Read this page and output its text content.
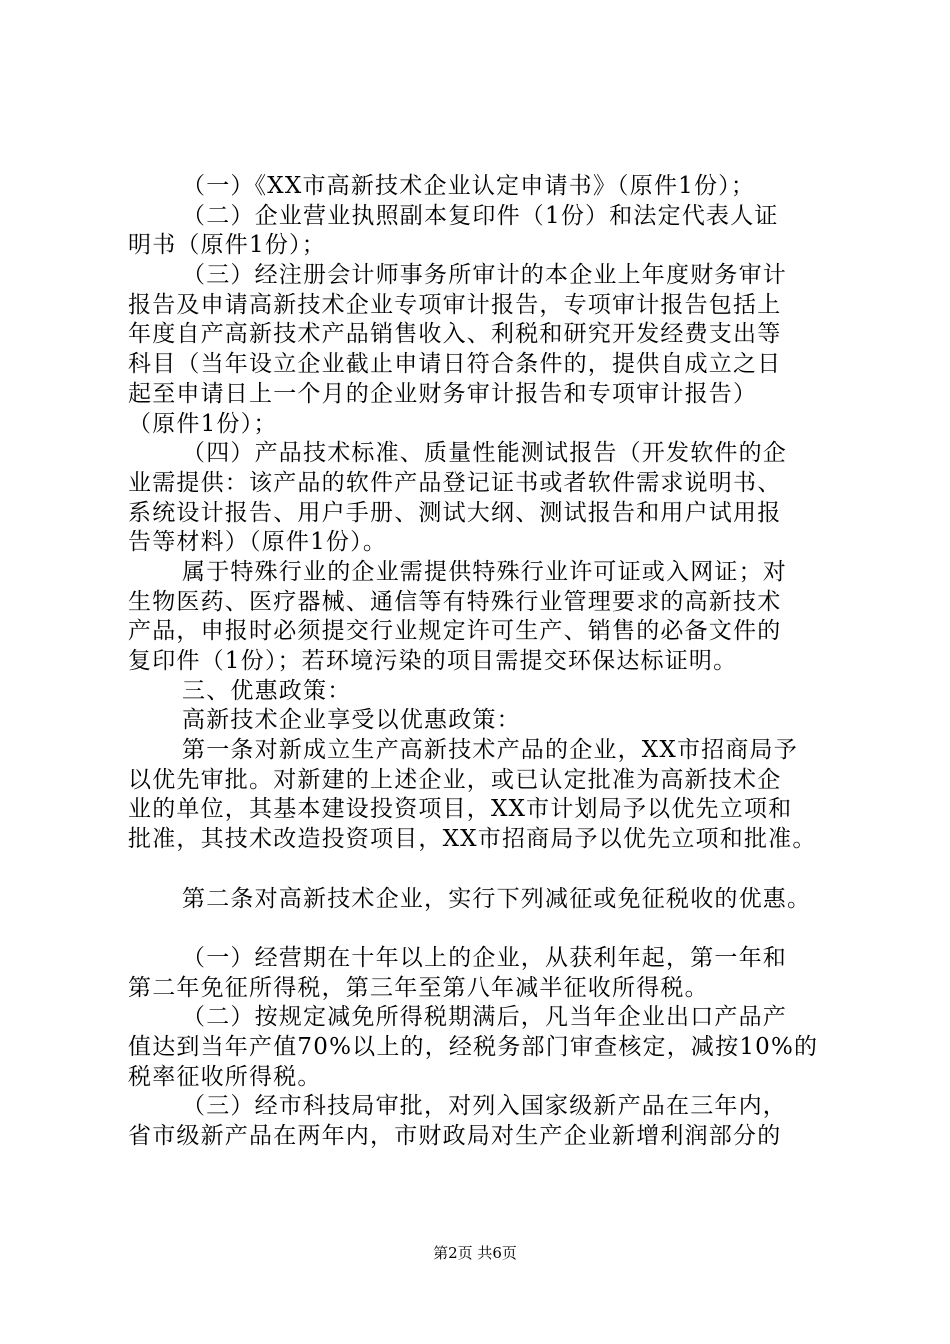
（一）《XX市高新技术企业认定申请书》（原件1份）；
（二）企业营业执照副本复印件（1份）和法定代表人证
明书（原件1份）；
（三）经注册会计师事务所审计的本企业上年度财务审计
报告及申请高新技术企业专项审计报告，专项审计报告包括上
年度自产高新技术产品销售收入、利税和研究开发经费支出等
科目（当年设立企业截止申请日符合条件的，提供自成立之日
起至申请日上一个月的企业财务审计报告和专项审计报告）
（原件1份）；
（四）产品技术标准、质量性能测试报告（开发软件的企
业需提供：该产品的软件产品登记证书或者软件需求说明书、
系统设计报告、用户手册、测试大纲、测试报告和用户试用报
告等材料）（原件1份）。
属于特殊行业的企业需提供特殊行业许可证或入网证；对
生物医药、医疗器械、通信等有特殊行业管理要求的高新技术
产品，申报时必须提交行业规定许可生产、销售的必备文件的
复印件（1份）；若环境污染的项目需提交环保达标证明。
三、优惠政策：
高新技术企业享受以优惠政策：
第一条对新成立生产高新技术产品的企业，XX市招商局予
以优先审批。对新建的上述企业，或已认定批准为高新技术企
业的单位，其基本建设投资项目，XX市计划局予以优先立项和
批准，其技术改造投资项目，XX市招商局予以优先立项和批准。
第二条对高新技术企业，实行下列减征或免征税收的优惠。
（一）经营期在十年以上的企业，从获利年起，第一年和
第二年免征所得税，第三年至第八年减半征收所得税。
（二）按规定减免所得税期满后，凡当年企业出口产品产
值达到当年产值70%以上的，经税务部门审查核定，减按10%的
税率征收所得税。
（三）经市科技局审批，对列入国家级新产品在三年内，
省市级新产品在两年内，市财政局对生产企业新增利润部分的
第2页 共6页
